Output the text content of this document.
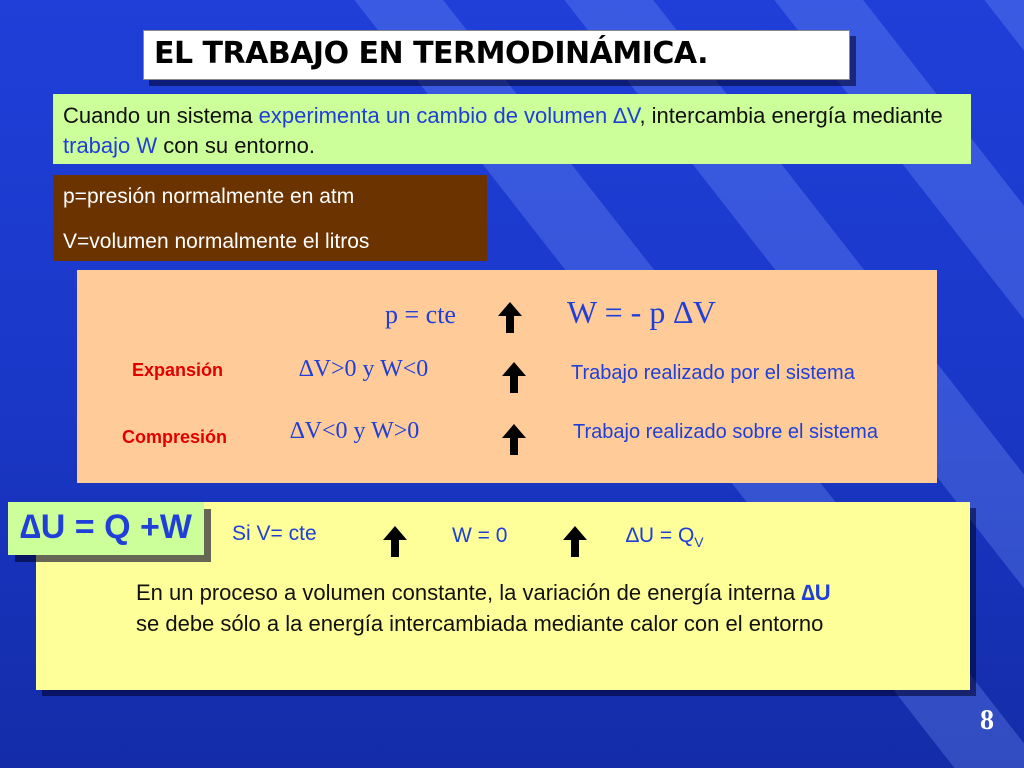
EL TRABAJO EN TERMODINÁMICA.
Cuando un sistema experimenta un cambio de volumen ∆V, intercambia energía mediante trabajo W con su entorno.
p=presión normalmente en atm
V=volumen normalmente el litros
p = cte	W = - p ∆V
Expansión	∆V>0 y W<0	Trabajo realizado por el sistema
Compresión	∆V<0 y W>0	Trabajo realizado sobre el sistema
Si V= cte	W = 0	$\Delta U = Q_V$
En un proceso a volumen constante, la variación de energía interna ∆U se debe sólo a la energía intercambiada mediante calor con el entorno
∆U = Q +W
8
